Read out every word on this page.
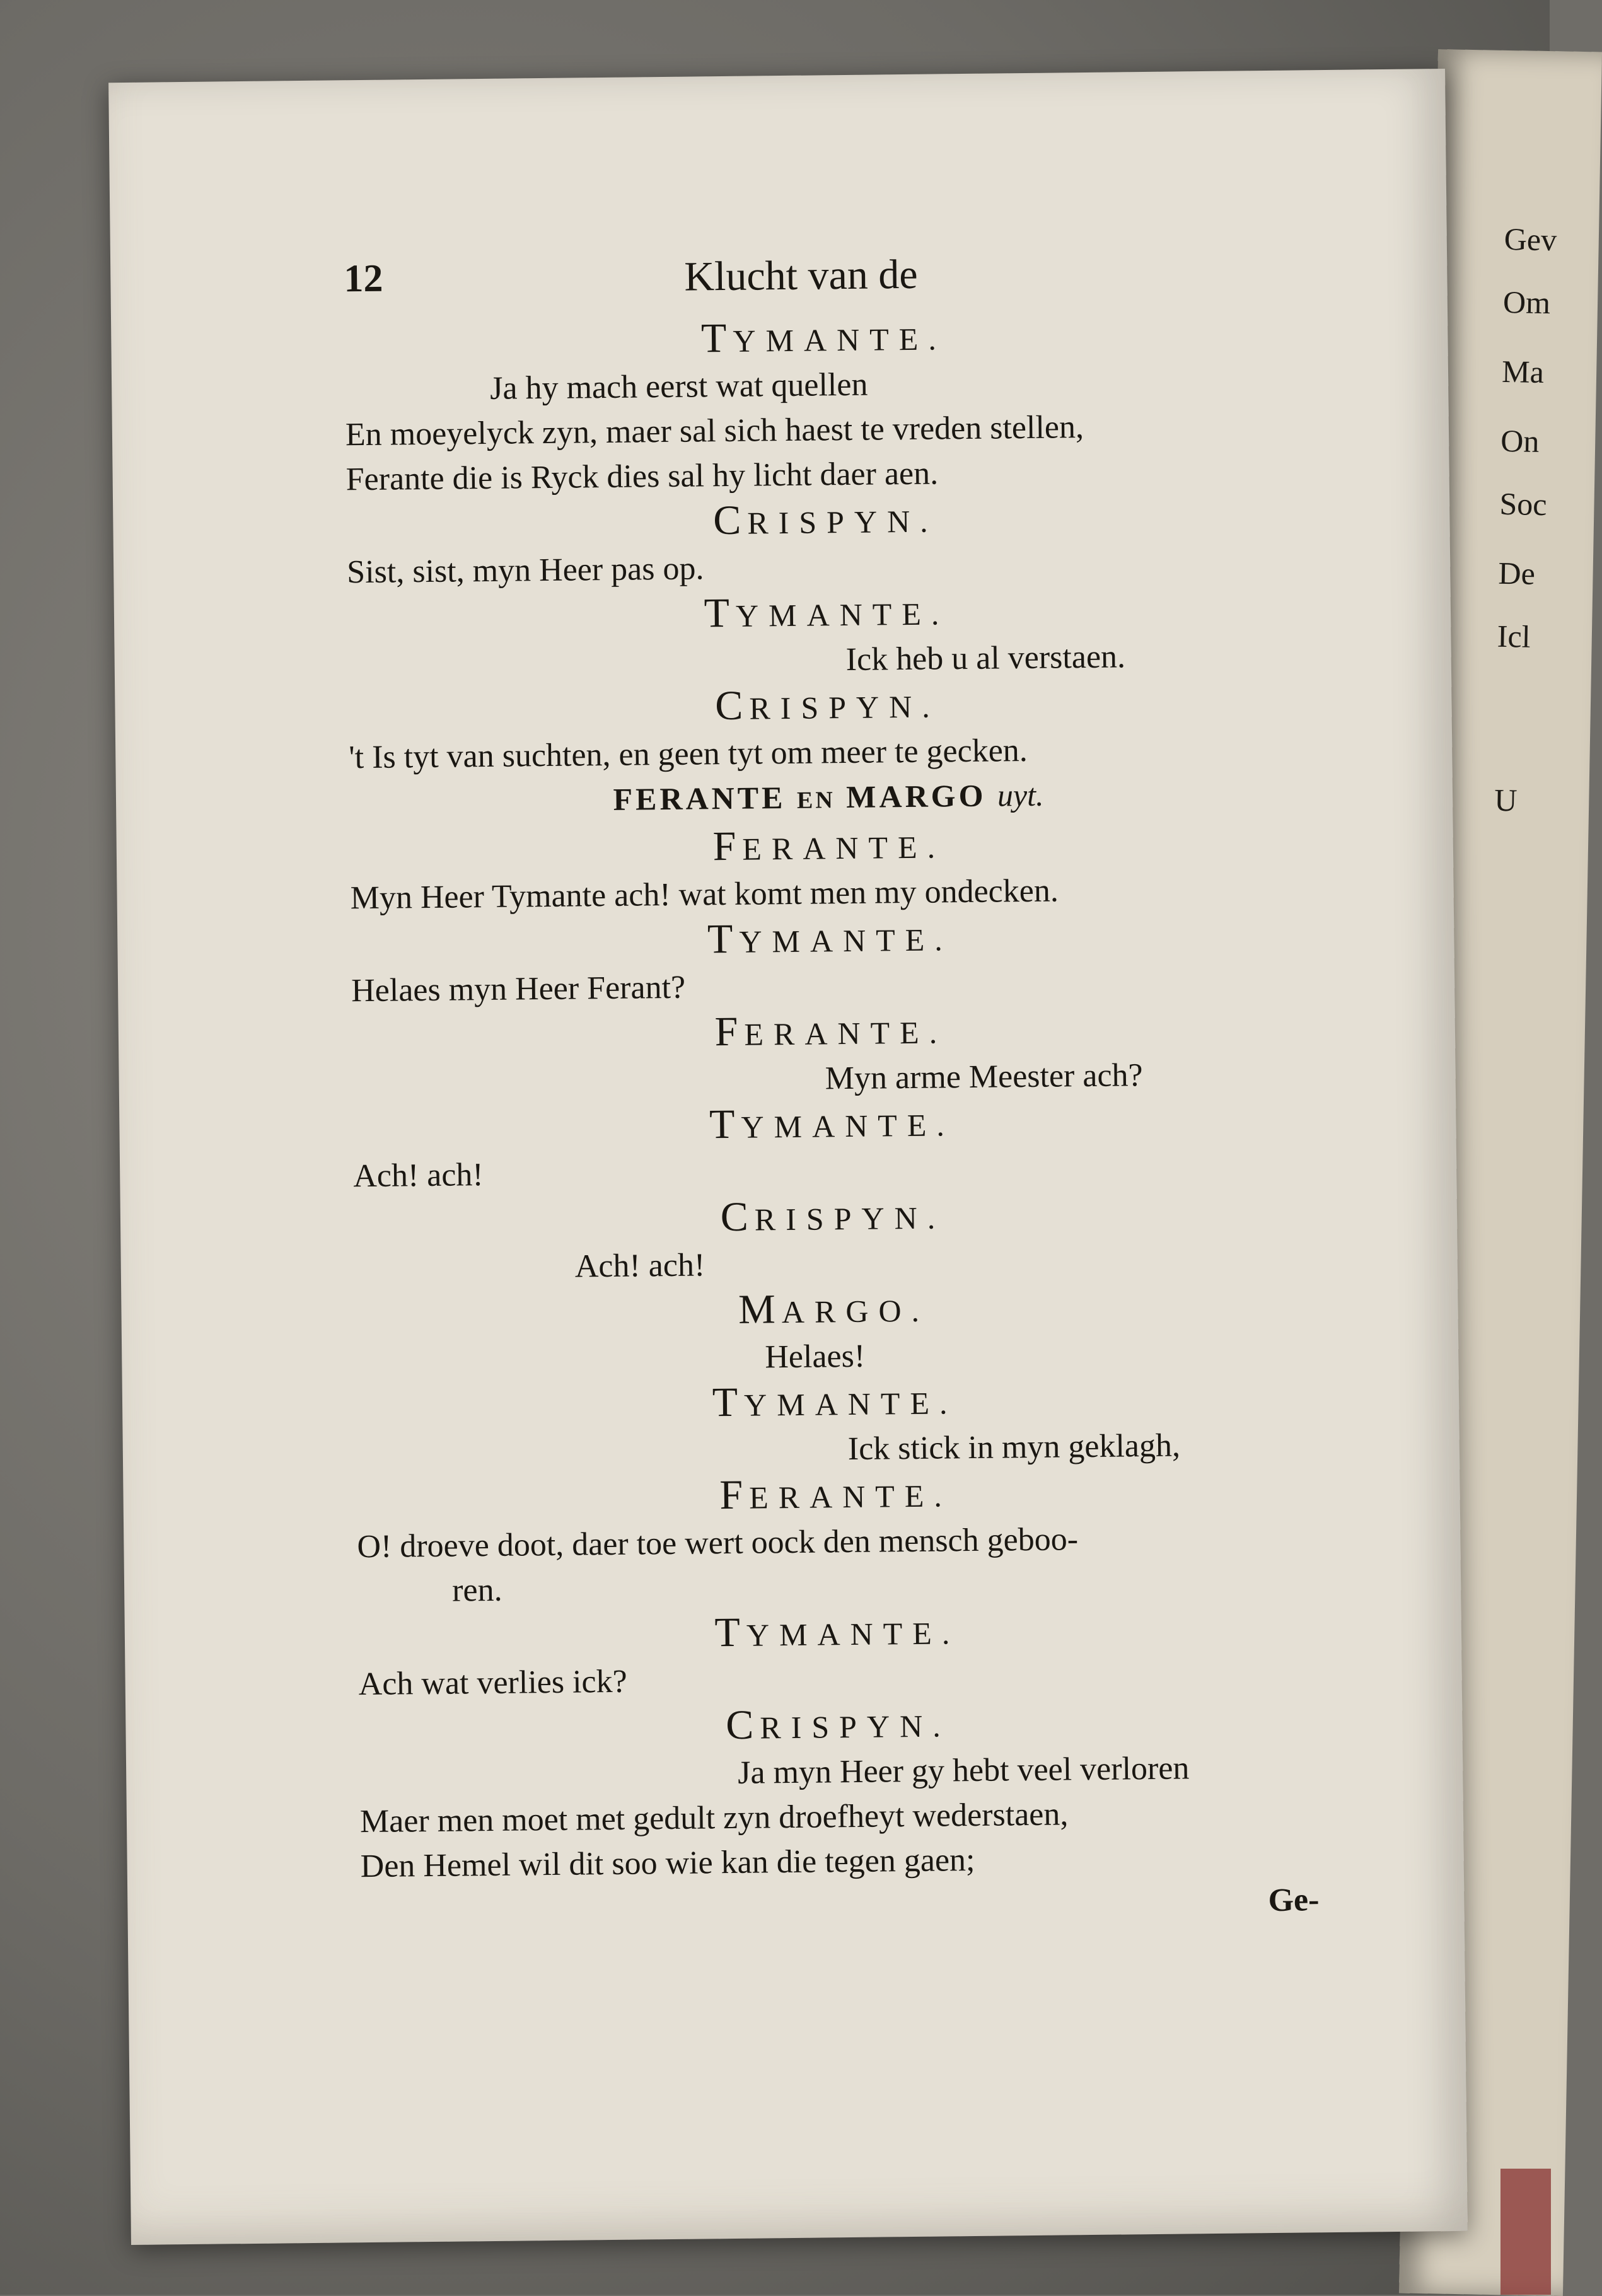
Gev
Om
Ma
On
Soc
De
Icl
U
12	Klucht van de
TYMANTE.
Ja hy mach eerst wat quellen
En moeyelyck zyn, maer sal sich haest te vreden stellen,
Ferante die is Ryck dies sal hy licht daer aen.
CRISPYN.
Sist, sist, myn Heer pas op.
TYMANTE.
Ick heb u al verstaen.
CRISPYN.
't Is tyt van suchten, en geen tyt om meer te gecken.
FERANTE EN MARGO uyt.
FERANTE.
Myn Heer Tymante ach! wat komt men my ondecken.
TYMANTE.
Helaes myn Heer Ferant?
FERANTE.
Myn arme Meester ach?
TYMANTE.
Ach! ach!
CRISPYN.
Ach! ach!
MARGO.
Helaes!
TYMANTE.
Ick stick in myn geklagh,
FERANTE.
O! droeve doot, daer toe wert oock den mensch geboo-
ren.
TYMANTE.
Ach wat verlies ick?
CRISPYN.
Ja myn Heer gy hebt veel verloren
Maer men moet met gedult zyn droefheyt wederstaen,
Den Hemel wil dit soo wie kan die tegen gaen;
Ge-
